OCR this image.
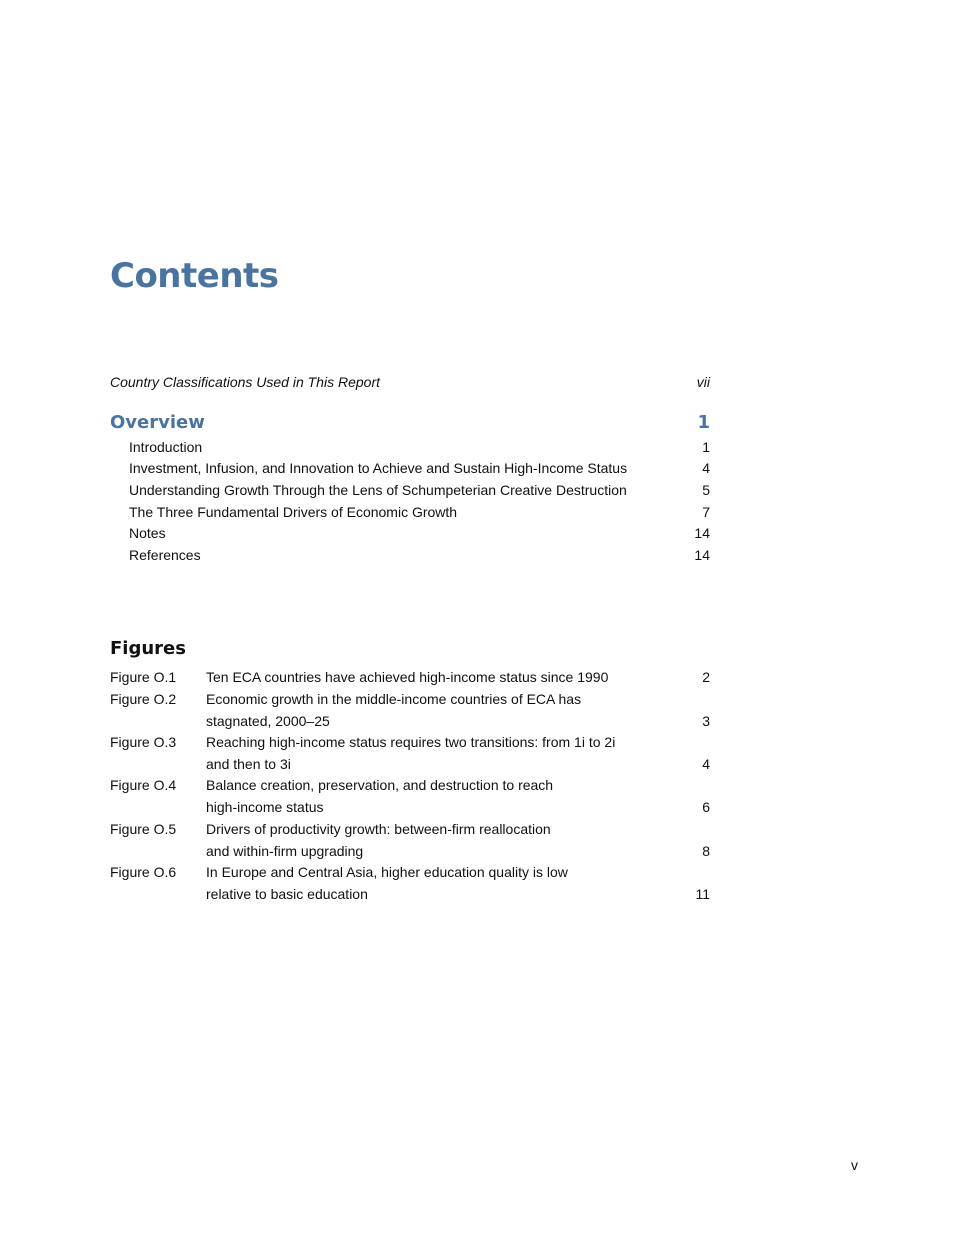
Contents
Country Classifications Used in This Report	vii
Overview	1
Introduction	1
Investment, Infusion, and Innovation to Achieve and Sustain High-Income Status	4
Understanding Growth Through the Lens of Schumpeterian Creative Destruction	5
The Three Fundamental Drivers of Economic Growth	7
Notes	14
References	14
Figures
Figure O.1 Ten ECA countries have achieved high-income status since 1990	2
Figure O.2 Economic growth in the middle-income countries of ECA has
stagnated, 2000–25	3
Figure O.3 Reaching high-income status requires two transitions: from 1i to 2i
and then to 3i	4
Figure O.4 Balance creation, preservation, and destruction to reach
high-income status	6
Figure O.5 Drivers of productivity growth: between-firm reallocation
and within-firm upgrading	8
Figure O.6 In Europe and Central Asia, higher education quality is low
relative to basic education	11
v
